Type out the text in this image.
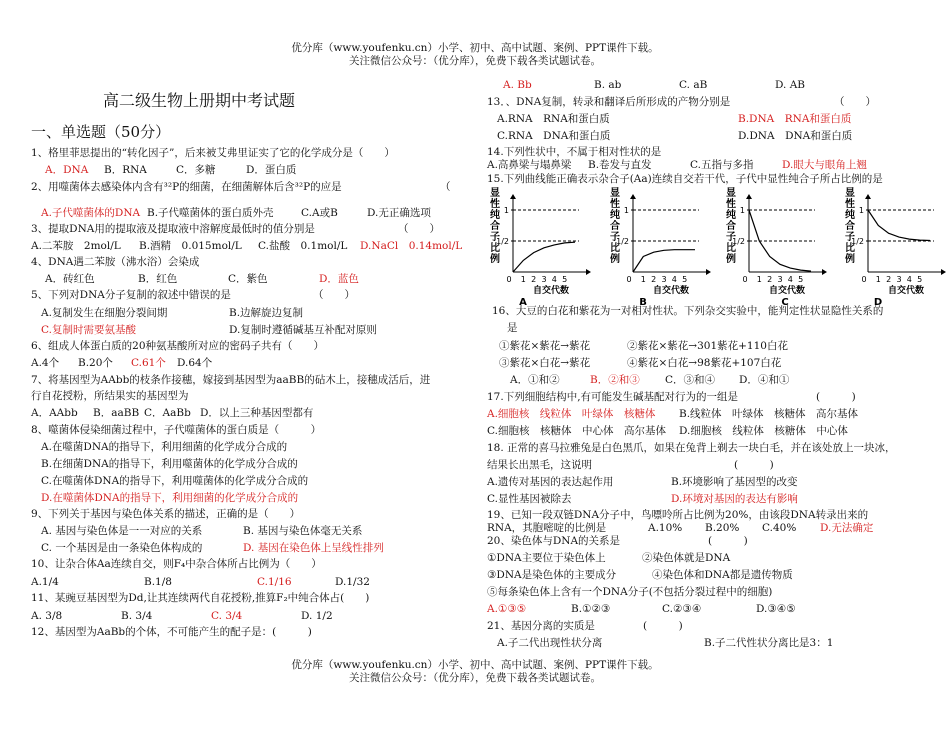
优分库（www.youfenku.cn）小学、初中、高中试题、案例、PPT课件下载。
关注微信公众号：（优分库），免费下载各类试题试卷。
高二级生物上册期中考试题
一、单选题（50分）
1、格里菲思提出的“转化因子”，后来被艾弗里证实了它的化学成分是（　　）
A．DNA B．RNA	C．多糖	D．蛋白质
2、用噬菌体去感染体内含有³²P的细菌，在细菌解体后含³²P的应是	（
A.子代噬菌体的DNA B.子代噬菌体的蛋白质外壳	C.A或B	D.无正确选项
3、提取DNA用的提取液及提取液中溶解度最低时的值分别是	（　　）
A.二苯胺　2mol/L B.酒精　0.015mol/L C.盐酸　0.1mol/L D.NaCl　0.14mol/L
4、DNA遇二苯胺（沸水浴）会染成
A．砖红色	B．红色	C．紫色	D．蓝色
5、下列对DNA分子复制的叙述中错误的是	（　　）
A.复制发生在细胞分裂间期	B.边解旋边复制
C.复制时需要氨基酸	D.复制时遵循碱基互补配对原则
6、组成人体蛋白质的20种氨基酸所对应的密码子共有（　　）
A.4个 B.20个 C.61个 D.64个
7、将基因型为AAbb的枝条作接穗，嫁接到基因型为aaBB的砧木上，接穗成活后，进
行自花授粉，所结果实的基因型为
A．AAbb B．aaBB C．AaBb D．以上三种基因型都有
8、噬菌体侵染细菌过程中，子代噬菌体的蛋白质是（　　　）
A.在噬菌DNA的指导下，利用细菌的化学成分合成的
B.在细菌DNA的指导下，利用噬菌体的化学成分合成的
C.在噬菌体DNA的指导下，利用噬菌体的化学成分合成的
D.在噬菌体DNA的指导下，利用细菌的化学成分合成的
9、下列关于基因与染色体关系的描述，正确的是（　　）
A. 基因与染色体是一一对应的关系	B. 基因与染色体毫无关系
C. 一个基因是由一条染色体构成的	D. 基因在染色体上呈线性排列
10、让杂合体Aa连续自交，则F₄中杂合体所占比例为（　　）
A.1/4	B.1/8	C.1/16	D.1/32
11、某豌豆基因型为Dd,让其连续两代自花授粉,推算F₂中纯合体占(　　)
A. 3/8	B. 3/4	C. 3/4	D. 1/2
12、基因型为AaBb的个体，不可能产生的配子是：(　　　)
A. Bb	B. ab	C. aB	D. AB
13．、DNA复制，转录和翻译后所形成的产物分别是	（　　）
A.RNA　RNA和蛋白质	B.DNA　RNA和蛋白质
C.RNA　DNA和蛋白质	D.DNA　DNA和蛋白质
14.下列性状中，不属于相对性状的是
A.高鼻梁与塌鼻梁 B.卷发与直发	C.五指与多指	D.眼大与眼角上翘
15.下列曲线能正确表示杂合子(Aa)连续自交若干代，子代中显性纯合子所占比例的是
显
性
纯
合
子
比
例
1
1/2
0 1 2 3 4 5
自交代数
A
显
性
纯
合
子
比
例
1
1/2
0 1 2 3 4 5
自交代数
B
显
性
纯
合
子
比
例
1
1/2
0 1 2 3 4 5
自交代数
C
显
性
纯
合
子
比
例
1
1/2
0 1 2 3 4 5
自交代数
D
16、大豆的白花和紫花为一对相对性状。下列杂交实验中，能判定性状显隐性关系的
是
①紫花×紫花→紫花	②紫花×紫花→301紫花+110白花
③紫花×白花→紫花	④紫花×白花→98紫花+107白花
A．①和②	B．②和③ C．③和④ D．④和①
17.下列细胞结构中,有可能发生碱基配对行为的一组是	(　　　)
A.细胞核　线粒体　叶绿体　核糖体 B.线粒体　叶绿体　核糖体　高尔基体
C.细胞核　核糖体　中心体　高尔基体 D.细胞核　线粒体　核糖体　中心体
18. 正常的喜马拉雅兔是白色黑爪，如果在兔背上剃去一块白毛，并在该处放上一块冰，
结果长出黑毛，这说明	(　　　)
A.遗传对基因的表达起作用	B.环境影响了基因型的改变
C.显性基因被除去	D.环境对基因的表达有影响
19、已知一段双链DNA分子中，鸟嘌呤所占比例为20%，由该段DNA转录出来的
RNA，其胞嘧啶的比例是	A.10% B.20% C.40% D.无法确定
20、染色体与DNA的关系是	(　　　)
①DNA主要位于染色体上	②染色体就是DNA
③DNA是染色体的主要成分	④染色体和DNA都是遗传物质
⑤每条染色体上含有一个DNA分子(不包括分裂过程中的细胞)
A.①③⑤	B.①②③	C.②③④	D.③④⑤
21、基因分离的实质是	(　　　)
A.子二代出现性状分离	B.子二代性状分离比是3：1
优分库（www.youfenku.cn）小学、初中、高中试题、案例、PPT课件下载。
关注微信公众号：（优分库），免费下载各类试题试卷。
